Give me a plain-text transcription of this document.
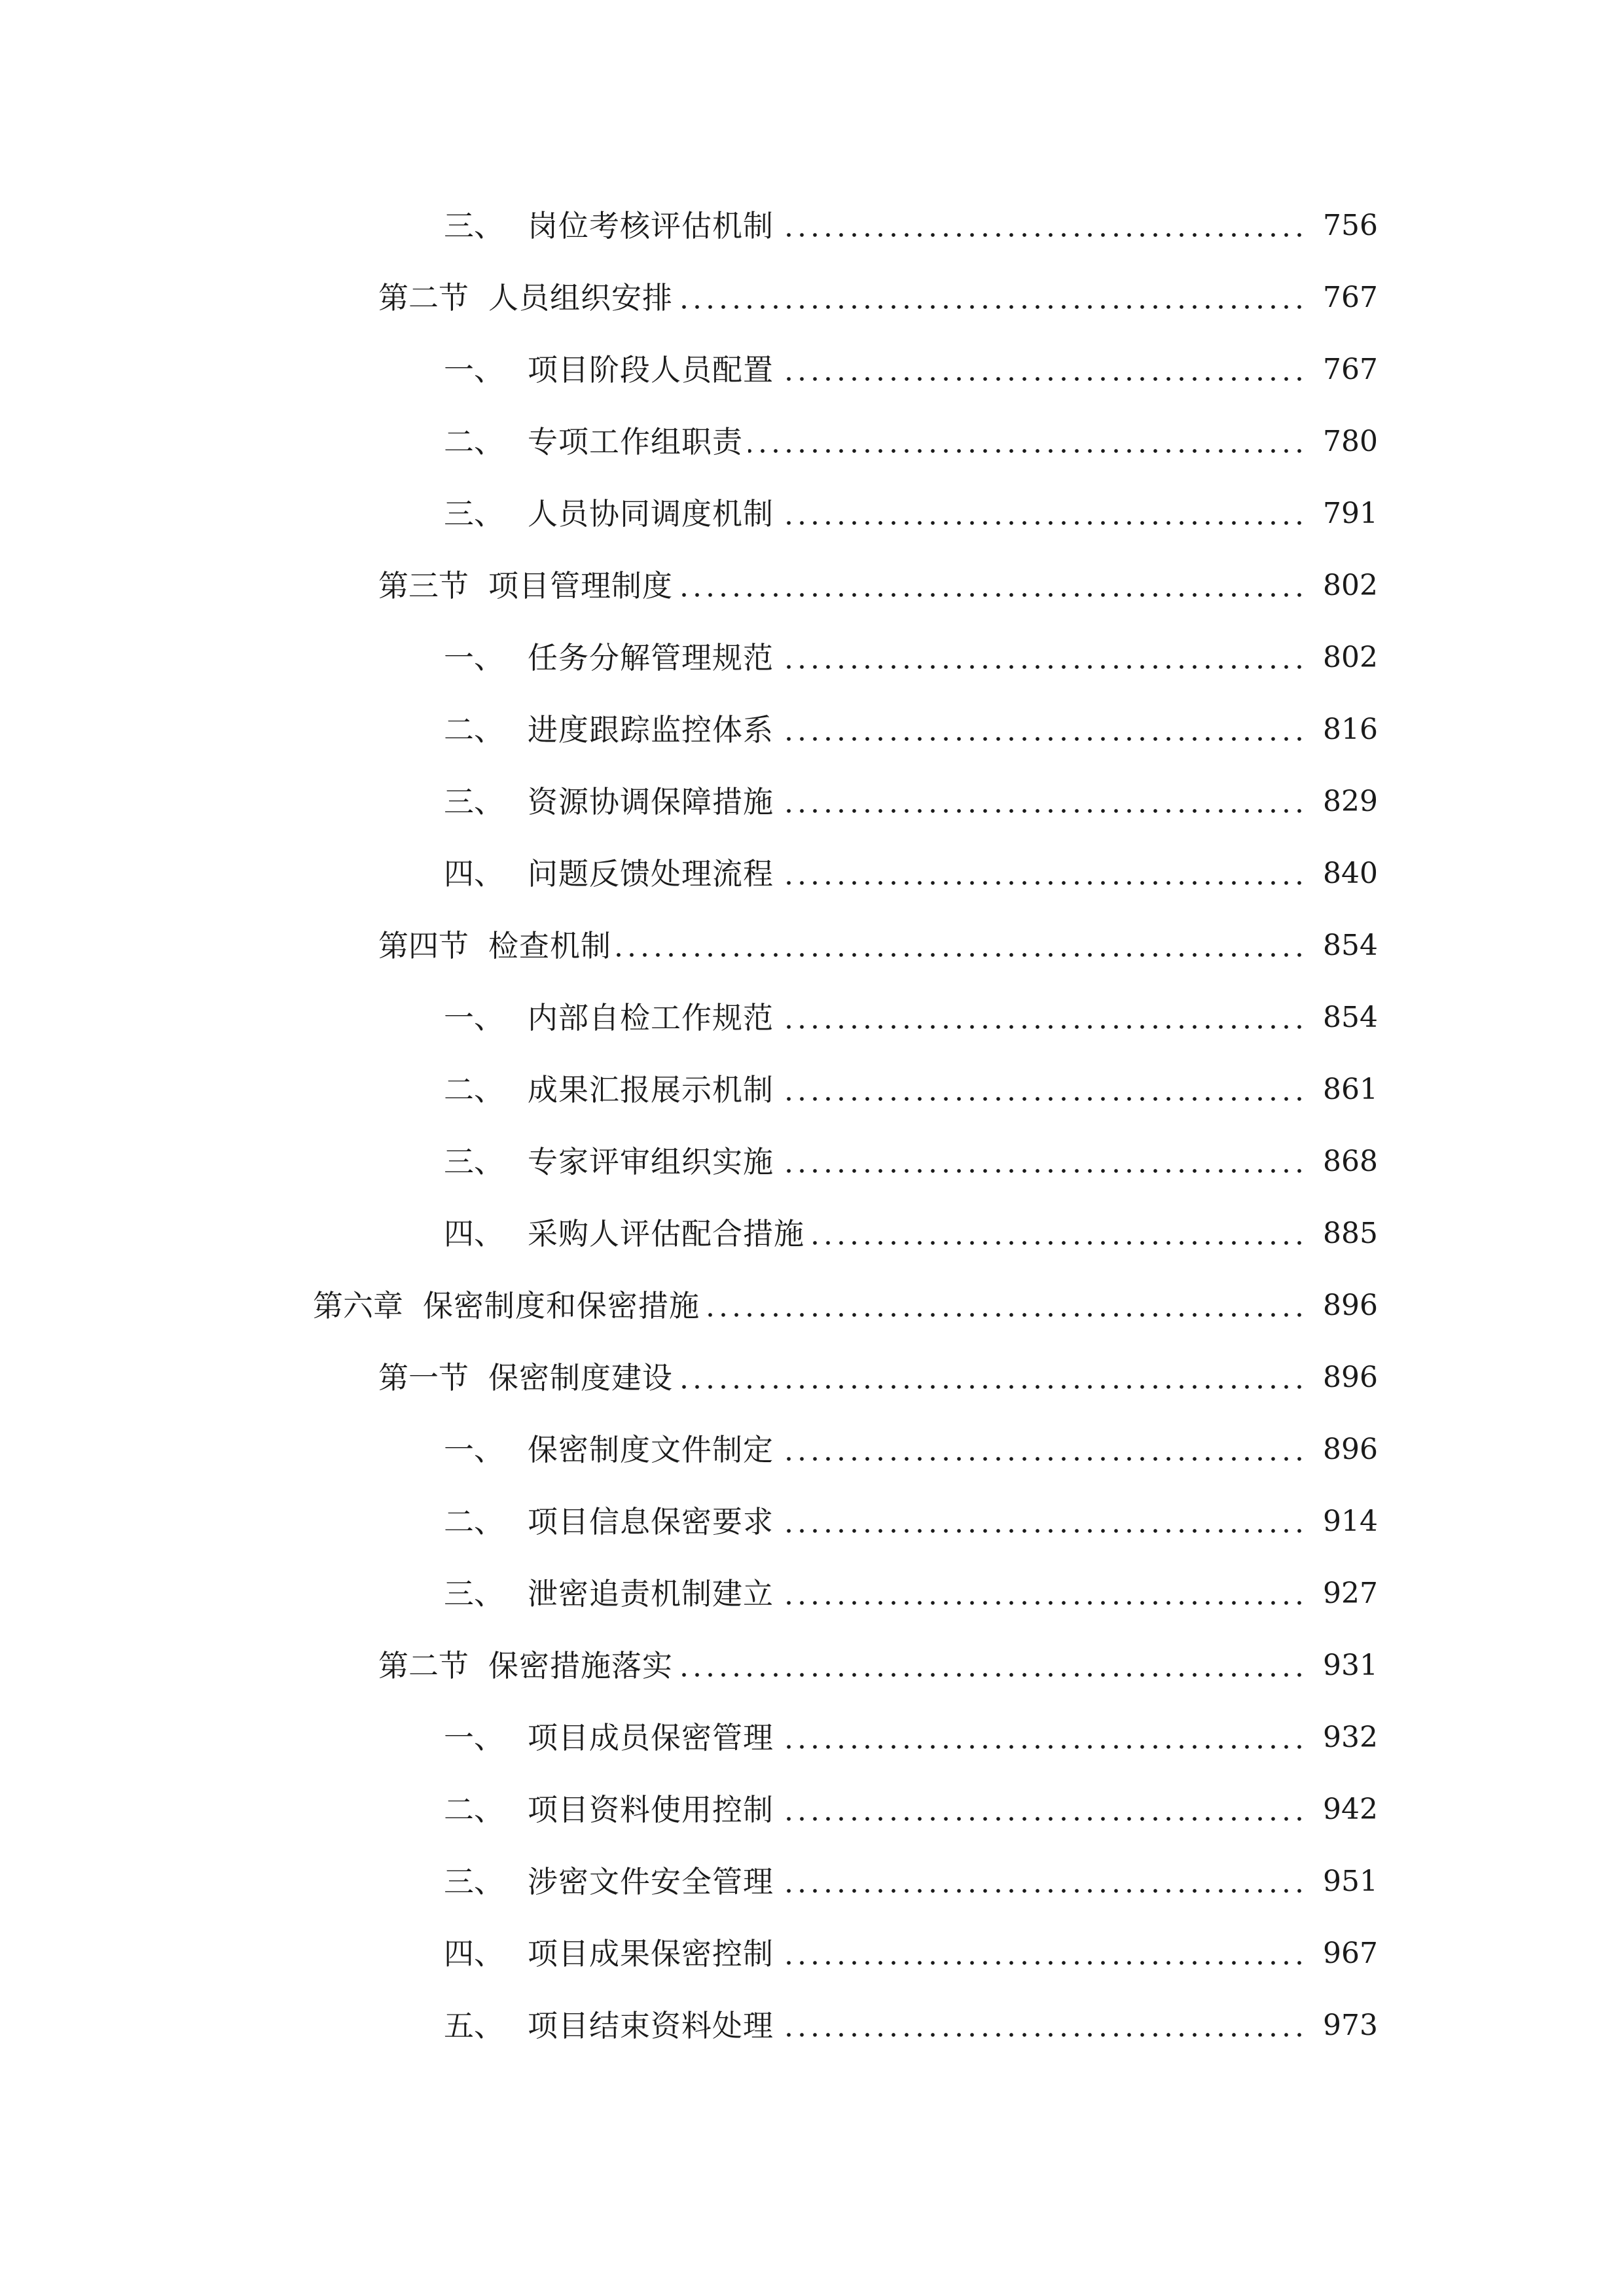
三、 岗位考核评估机制	756
第二节 人员组织安排	767
一、 项目阶段人员配置	767
二、 专项工作组职责	780
三、 人员协同调度机制	791
第三节 项目管理制度	802
一、 任务分解管理规范	802
二、 进度跟踪监控体系	816
三、 资源协调保障措施	829
四、 问题反馈处理流程	840
第四节 检查机制	854
一、 内部自检工作规范	854
二、 成果汇报展示机制	861
三、 专家评审组织实施	868
四、 采购人评估配合措施	885
第六章 保密制度和保密措施	896
第一节 保密制度建设	896
一、 保密制度文件制定	896
二、 项目信息保密要求	914
三、 泄密追责机制建立	927
第二节 保密措施落实	931
一、 项目成员保密管理	932
二、 项目资料使用控制	942
三、 涉密文件安全管理	951
四、 项目成果保密控制	967
五、 项目结束资料处理	973
